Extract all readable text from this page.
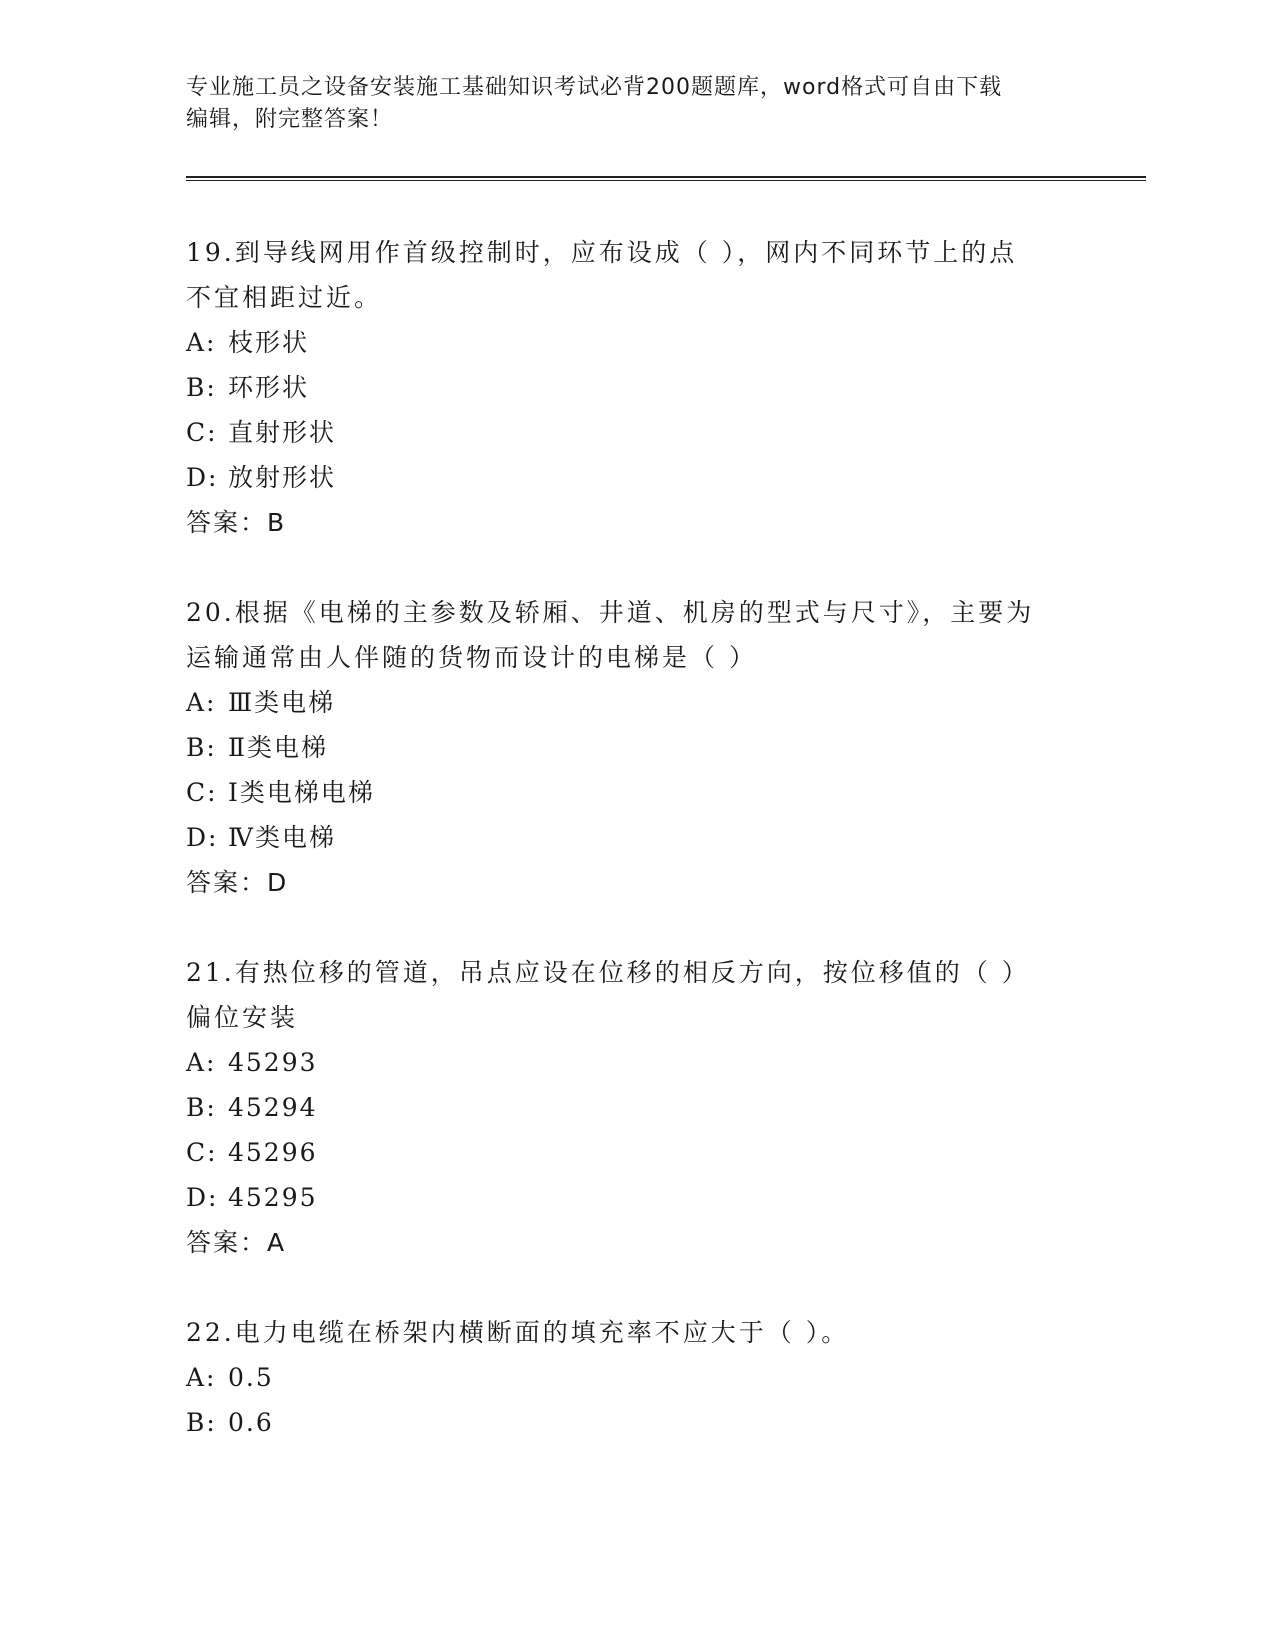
专业施工员之设备安装施工基础知识考试必背200题题库，word格式可自由下载
编辑，附完整答案！
19.到导线网用作首级控制时，应布设成（ ），网内不同环节上的点
不宜相距过近。
A: 枝形状
B: 环形状
C: 直射形状
D: 放射形状
答案：B
20.根据《电梯的主参数及轿厢、井道、机房的型式与尺寸》，主要为
运输通常由人伴随的货物而设计的电梯是（ ）
A: Ⅲ类电梯
B: Ⅱ类电梯
C: Ⅰ类电梯电梯
D: Ⅳ类电梯
答案：D
21.有热位移的管道，吊点应设在位移的相反方向，按位移值的（ ）
偏位安装
A: 45293
B: 45294
C: 45296
D: 45295
答案：A
22.电力电缆在桥架内横断面的填充率不应大于（ ）。
A: 0.5
B: 0.6
